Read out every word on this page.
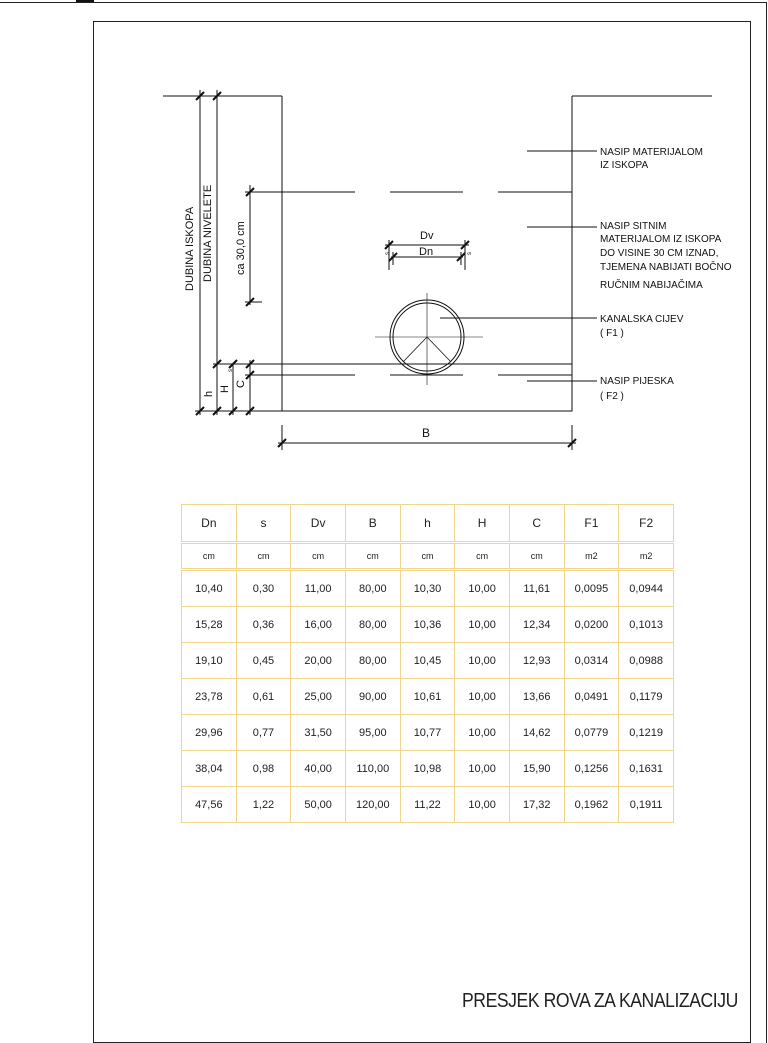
DUBINA ISKOPA DUBINA NIVELETE ca 30,0 cm
h
H
C
s
s	s
Dv
Dn
B
NASIP MATERIJALOM
IZ ISKOPA
NASIP SITNIM
MATERIJALOM IZ ISKOPA
DO VISINE 30 CM IZNAD,
TJEMENA NABIJATI BOČNO
RUČNIM NABIJAČIMA
KANALSKA CIJEV
( F1 )
NASIP PIJESKA
( F2 )
Dn	s	Dv	B	h	H	C	F1	F2
cm	cm	cm	cm	cm	cm	cm	m2	m2
10,40	0,30	11,00	80,00	10,30	10,00	11,61	0,0095	0,0944
15,28	0,36	16,00	80,00	10,36	10,00	12,34	0,0200	0,1013
19,10	0,45	20,00	80,00	10,45	10,00	12,93	0,0314	0,0988
23,78	0,61	25,00	90,00	10,61	10,00	13,66	0,0491	0,1179
29,96	0,77	31,50	95,00	10,77	10,00	14,62	0,0779	0,1219
38,04	0,98	40,00	110,00	10,98	10,00	15,90	0,1256	0,1631
47,56	1,22	50,00	120,00	11,22	10,00	17,32	0,1962	0,1911
PRESJEK ROVA ZA KANALIZACIJU
